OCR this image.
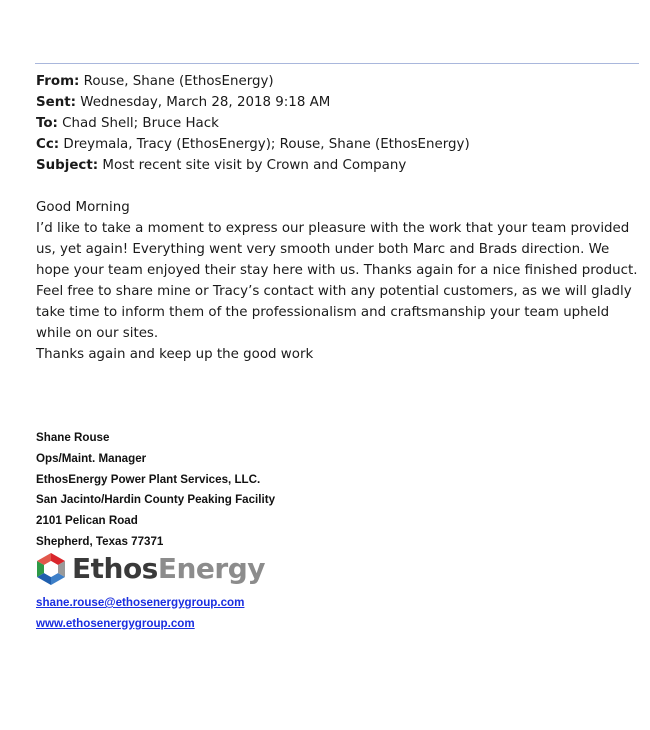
From: Rouse, Shane (EthosEnergy)
Sent: Wednesday, March 28, 2018 9:18 AM
To: Chad Shell; Bruce Hack
Cc: Dreymala, Tracy (EthosEnergy); Rouse, Shane (EthosEnergy)
Subject: Most recent site visit by Crown and Company

Good Morning

I’d like to take a moment to express our pleasure with the work that your team provided us, yet again! Everything went very smooth under both Marc and Brads direction. We hope your team enjoyed their stay here with us. Thanks again for a nice finished product. Feel free to share mine or Tracy’s contact with any potential customers, as we will gladly take time to inform them of the professionalism and craftsmanship your team upheld while on our sites.

Thanks again and keep up the good work

Shane Rouse
Ops/Maint. Manager
EthosEnergy Power Plant Services, LLC.
San Jacinto/Hardin County Peaking Facility
2101 Pelican Road
Shepherd, Texas 77371
EthosEnergy
shane.rouse@ethosenergygroup.com
www.ethosenergygroup.com
